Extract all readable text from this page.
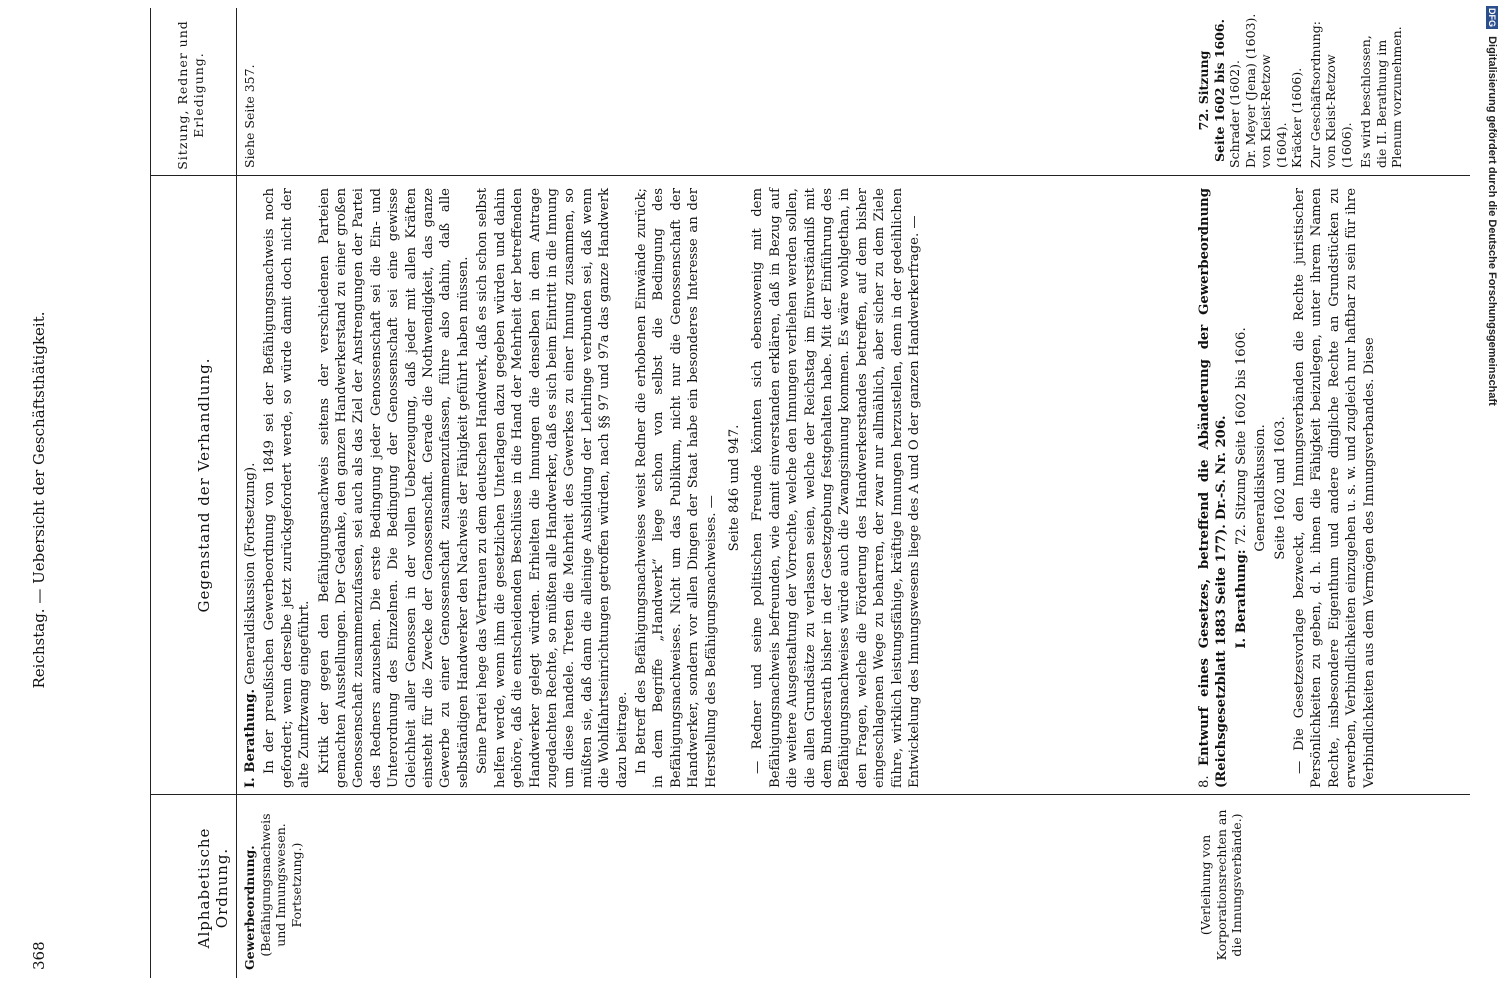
368
Reichstag. — Uebersicht der Geschäftsthätigkeit.
Alphabetische Ordnung.
Gegenstand der Verhandlung.
Sitzung, Redner und Erledigung.
Gewerbeordnung. (Befähigungsnachweis und Innungswesen. Fortsetzung.)

I. Berathung. Generaldiskussion (Fortsetzung). In der preußischen Gewerbeordnung von 1849 sei der Befähigungsnachweis noch gefordert; wenn derselbe jetzt zurückgefordert werde, so würde damit doch nicht der alte Zunftzwang eingeführt. Kritik der gegen den Befähigungsnachweis seitens der verschiedenen Parteien gemachten Ausstellungen. Der Gedanke, den ganzen Handwerkerstand zu einer großen Genossenschaft zusammenzufassen, sei auch als das Ziel der Anstrengungen der Partei des Redners anzusehen. Die erste Bedingung jeder Genossenschaft sei die Ein- und Unterordnung des Einzelnen. Die Bedingung der Genossenschaft sei eine gewisse Gleichheit aller Genossen in der vollen Ueberzeugung, daß jeder mit allen Kräften einsteht für die Zwecke der Genossenschaft. Gerade die Nothwendigkeit, das ganze Gewerbe zu einer Genossenschaft zusammenzufassen, führe also dahin, daß alle selbständigen Handwerker den Nachweis der Fähigkeit geführt haben müssen. Seine Partei hege das Vertrauen zu dem deutschen Handwerk, daß es sich schon selbst helfen werde, wenn ihm die gesetzlichen Unterlagen dazu gegeben würden und dahin gehöre, daß die entscheidenden Beschlüsse in die Hand der Mehrheit der betreffenden Handwerker gelegt würden. Erhielten die Innungen die denselben in dem Antrage zugedachten Rechte, so müßten alle Handwerker, daß es sich beim Eintritt in die Innung um diese handele. Treten die Mehrheit des Gewerkes zu einer Innung zusammen, so müßten sie, daß dann die alleinige Ausbildung der Lehrlinge verbunden sei, daß wenn die Wohlfahrtseinrichtungen getroffen würden, nach §§ 97 und 97a das ganze Handwerk dazu beitrage. In Betreff des Befähigungsnachweises weist Redner die erhobenen Einwände zurück; in dem Begriffe „Handwerk“ liege schon von selbst die Bedingung des Befähigungsnachweises. Nicht um das Publikum, nicht nur die Genossenschaft der Handwerker, sondern vor allen Dingen der Staat habe ein besonderes Interesse an der Herstellung des Befähigungsnachweises. —

Seite 846 und 947. — Redner und seine politischen Freunde könnten sich ebensowenig mit dem Befähigungsnachweis befreunden, wie damit einverstanden erklären, daß in Bezug auf die weitere Ausgestaltung der Vorrechte, welche den Innungen verliehen werden sollen, die allen Grundsätze zu verlassen seien, welche der Reichstag im Einverständniß mit dem Bundesrath bisher in der Gesetzgebung festgehalten habe. Mit der Einführung des Befähigungsnachweises würde auch die Zwangsinnung kommen. Es wäre wohlgethan, in den Fragen, welche die Förderung des Handwerkerstandes betreffen, auf dem bisher eingeschlagenen Wege zu beharren, der zwar nur allmählich, aber sicher zu dem Ziele führe, wirklich leistungsfähige, kräftige Innungen herzustellen, denn in der gedeihlichen Entwickelung des Innungswesens liege des A und O der ganzen Handwerkerfrage. —

Siehe Seite 357.
(Verleihung von Korporationsrechten an die Innungsverbände.)

8. Entwurf eines Gesetzes, betreffend die Abänderung der Gewerbeordnung (Reichsgesetzblatt 1883 Seite 177). Dr.-S. Nr. 206.

I. Berathung: 72. Sitzung Seite 1602 bis 1606. Generaldiskussion. Seite 1602 und 1603. — Die Gesetzesvorlage bezweckt, den Innungsverbänden die Rechte juristischer Persönlichkeiten zu geben, d. h. ihnen die Fähigkeit beizulegen, unter ihrem Namen Rechte, insbesondere Eigenthum und andere dingliche Rechte an Grundstücken zu erwerben, Verbindlichkeiten einzugehen u. s. w. und zugleich nur haftbar zu sein für ihre Verbindlichkeiten aus dem Vermögen des Innungsverbandes. Diese

72. Sitzung Seite 1602 bis 1606. Schrader (1602). Dr. Meyer (Jena) (1603). von Kleist-Retzow (1604). Kräcker (1606). Zur Geschäftsordnung: von Kleist-Retzow (1606). Es wird beschlossen, die II. Berathung im Plenum vorzunehmen.
DFG Digitalisierung gefördert durch die Deutsche Forschungsgemeinschaft
